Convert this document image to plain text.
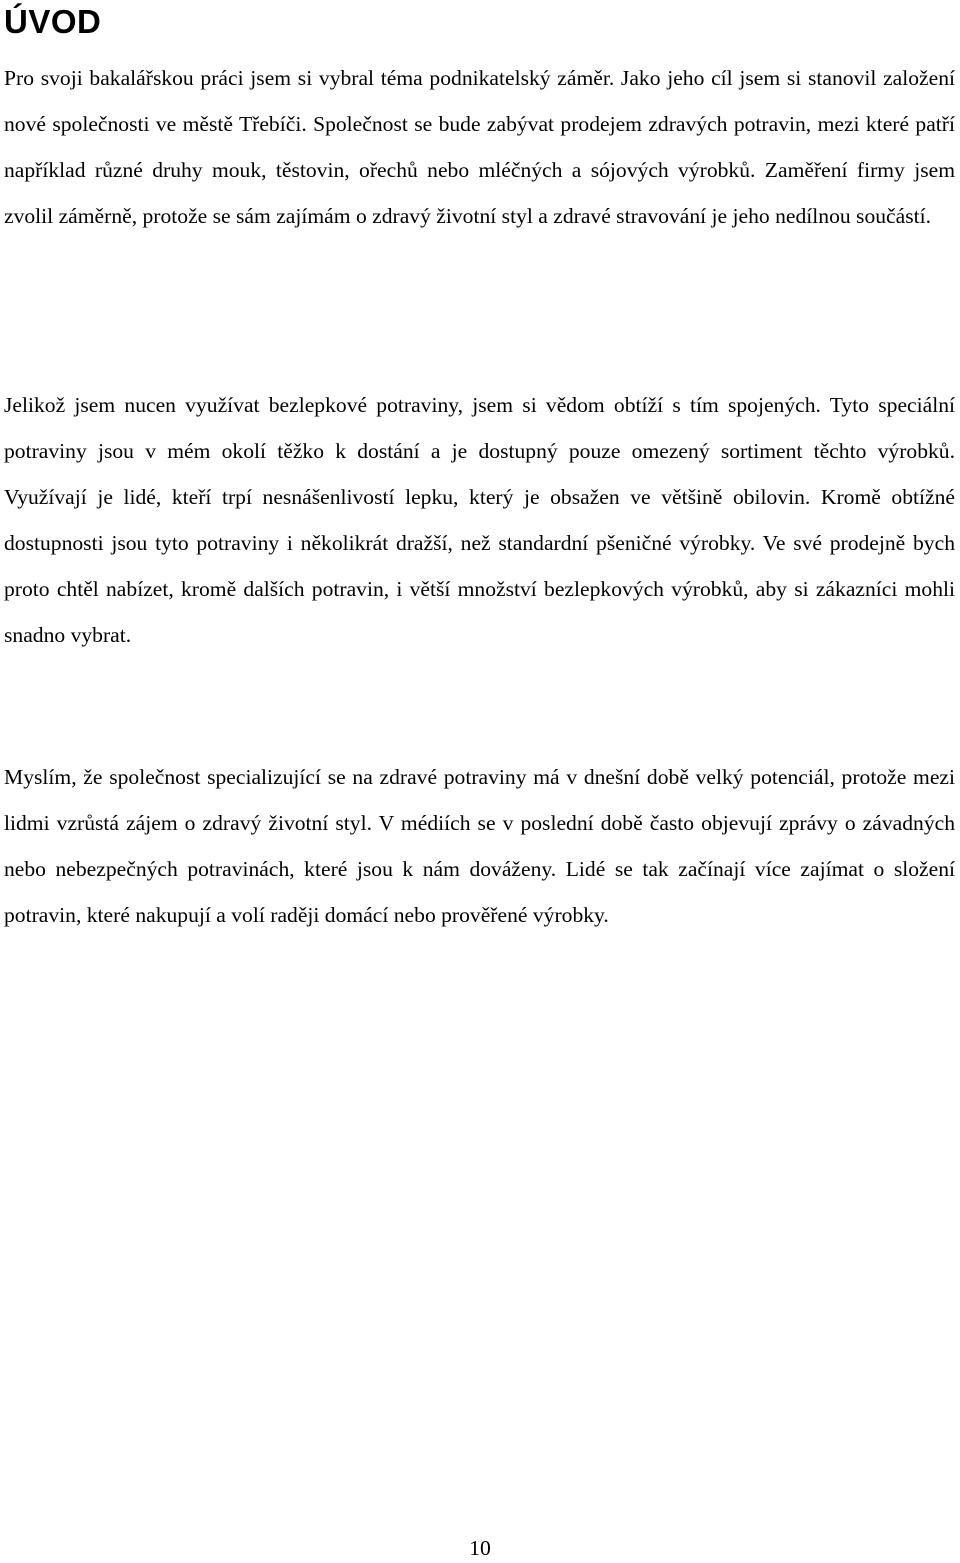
ÚVOD

Pro svoji bakalářskou práci jsem si vybral téma podnikatelský záměr. Jako jeho cíl jsem si stanovil založení nové společnosti ve městě Třebíči. Společnost se bude zabývat prodejem zdravých potravin, mezi které patří například různé druhy mouk, těstovin, ořechů nebo mléčných a sójových výrobků. Zaměření firmy jsem zvolil záměrně, protože se sám zajímám o zdravý životní styl a zdravé stravování je jeho nedílnou součástí.

Jelikož jsem nucen využívat bezlepkové potraviny, jsem si vědom obtíží s tím spojených. Tyto speciální potraviny jsou v mém okolí těžko k dostání a je dostupný pouze omezený sortiment těchto výrobků. Využívají je lidé, kteří trpí nesnášenlivostí lepku, který je obsažen ve většině obilovin. Kromě obtížné dostupnosti jsou tyto potraviny i několikrát dražší, než standardní pšeničné výrobky. Ve své prodejně bych proto chtěl nabízet, kromě dalších potravin, i větší množství bezlepkových výrobků, aby si zákazníci mohli snadno vybrat.

Myslím, že společnost specializující se na zdravé potraviny má v dnešní době velký potenciál, protože mezi lidmi vzrůstá zájem o zdravý životní styl. V médiích se v poslední době často objevují zprávy o závadných nebo nebezpečných potravinách, které jsou k nám dováženy. Lidé se tak začínají více zajímat o složení potravin, které nakupují a volí raději domácí nebo prověřené výrobky.

10
